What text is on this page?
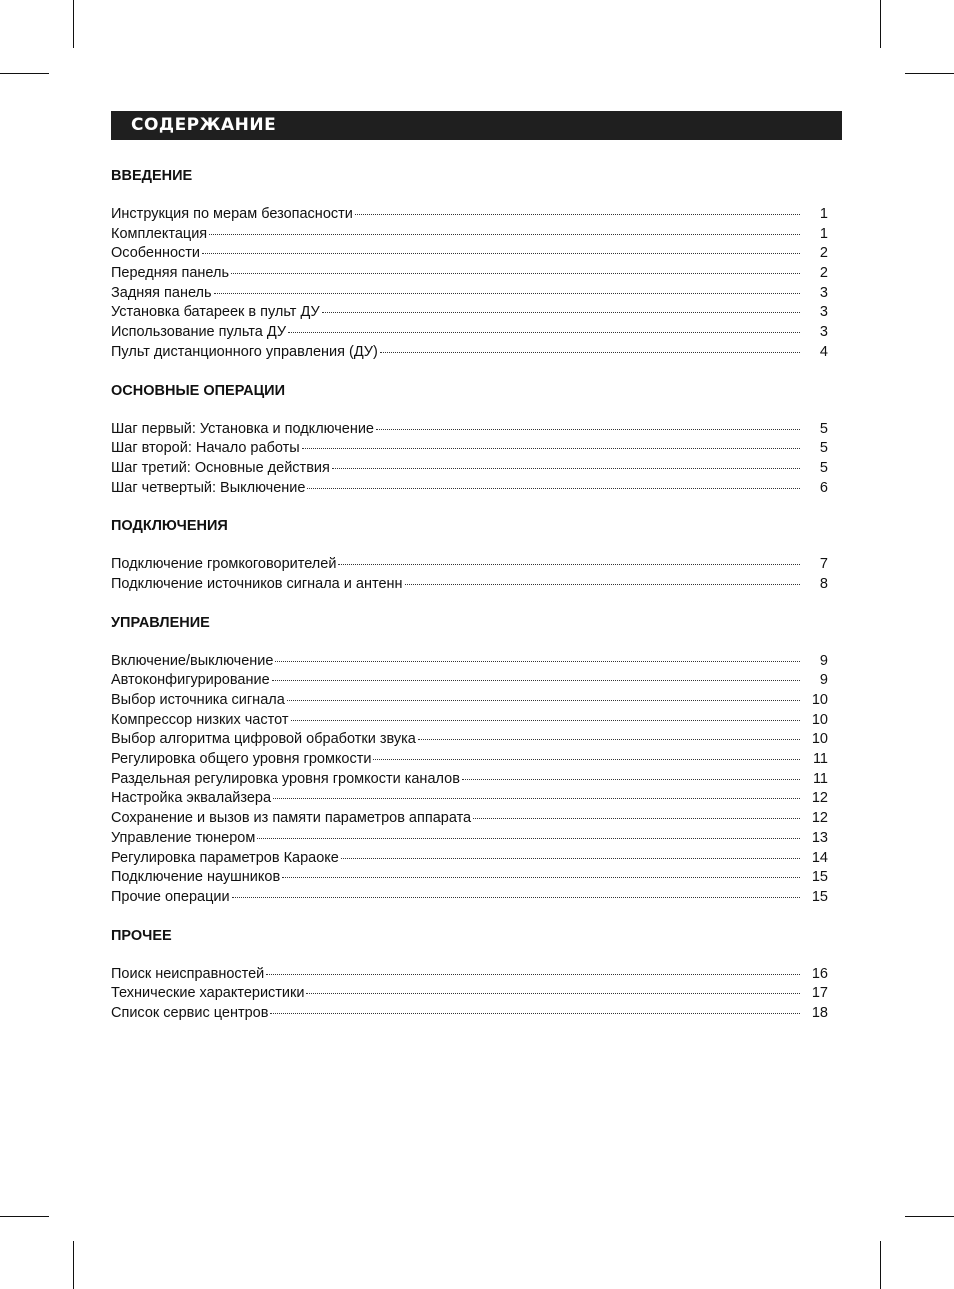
СОДЕРЖАНИЕ
ВВЕДЕНИЕ
Инструкция по мерам безопасности	1
Комплектация	1
Особенности	2
Передняя панель	2
Задняя панель	3
Установка батареек в пульт ДУ	3
Использование пульта ДУ	3
Пульт дистанционного управления (ДУ)	4
ОСНОВНЫЕ ОПЕРАЦИИ
Шаг первый: Установка и подключение	5
Шаг второй: Начало работы	5
Шаг третий: Основные действия	5
Шаг четвертый: Выключение	6
ПОДКЛЮЧЕНИЯ
Подключение громкоговорителей	7
Подключение источников сигнала и антенн	8
УПРАВЛЕНИЕ
Включение/выключение	9
Автоконфигурирование	9
Выбор источника сигнала	10
Компрессор низких частот	10
Выбор алгоритма цифровой обработки звука	10
Регулировка общего уровня громкости	11
Раздельная регулировка уровня громкости каналов	11
Настройка эквалайзера	12
Сохранение и вызов из памяти параметров аппарата	12
Управление тюнером	13
Регулировка параметров Караоке	14
Подключение наушников	15
Прочие операции	15
ПРОЧЕЕ
Поиск неисправностей	16
Технические характеристики	17
Список сервис центров	18
